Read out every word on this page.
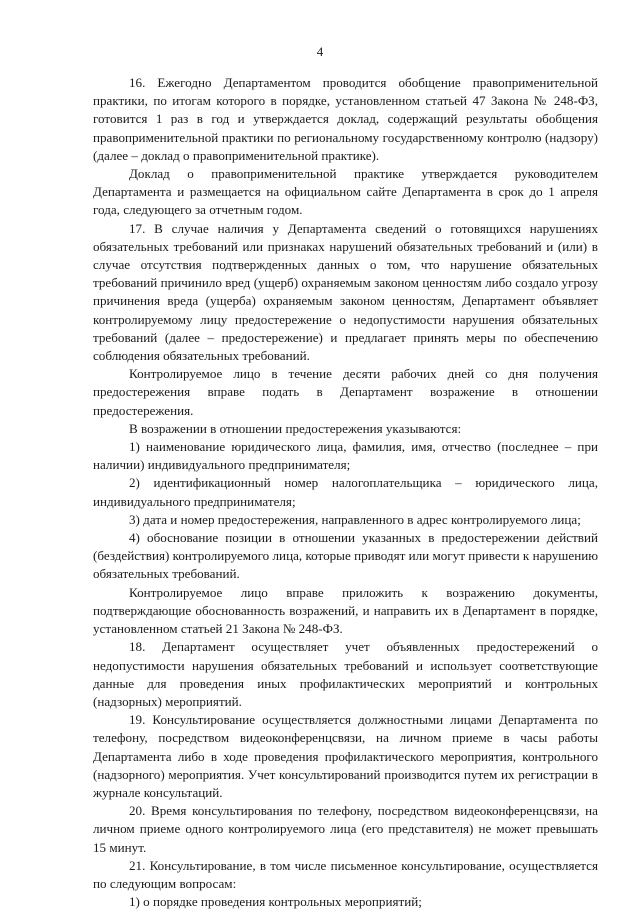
4

16. Ежегодно Департаментом проводится обобщение правоприменительной практики, по итогам которого в порядке, установленном статьей 47 Закона № 248-ФЗ, готовится 1 раз в год и утверждается доклад, содержащий результаты обобщения правоприменительной практики по региональному государственному контролю (надзору) (далее – доклад о правоприменительной практике).

Доклад о правоприменительной практике утверждается руководителем Департамента и размещается на официальном сайте Департамента в срок до 1 апреля года, следующего за отчетным годом.

17. В случае наличия у Департамента сведений о готовящихся нарушениях обязательных требований или признаках нарушений обязательных требований и (или) в случае отсутствия подтвержденных данных о том, что нарушение обязательных требований причинило вред (ущерб) охраняемым законом ценностям либо создало угрозу причинения вреда (ущерба) охраняемым законом ценностям, Департамент объявляет контролируемому лицу предостережение о недопустимости нарушения обязательных требований (далее – предостережение) и предлагает принять меры по обеспечению соблюдения обязательных требований.

Контролируемое лицо в течение десяти рабочих дней со дня получения предостережения вправе подать в Департамент возражение в отношении предостережения.

В возражении в отношении предостережения указываются:

1) наименование юридического лица, фамилия, имя, отчество (последнее – при наличии) индивидуального предпринимателя;

2) идентификационный номер налогоплательщика – юридического лица, индивидуального предпринимателя;

3) дата и номер предостережения, направленного в адрес контролируемого лица;

4) обоснование позиции в отношении указанных в предостережении действий (бездействия) контролируемого лица, которые приводят или могут привести к нарушению обязательных требований.

Контролируемое лицо вправе приложить к возражению документы, подтверждающие обоснованность возражений, и направить их в Департамент в порядке, установленном статьей 21 Закона № 248-ФЗ.

18. Департамент осуществляет учет объявленных предостережений о недопустимости нарушения обязательных требований и использует соответствующие данные для проведения иных профилактических мероприятий и контрольных (надзорных) мероприятий.

19. Консультирование осуществляется должностными лицами Департамента по телефону, посредством видеоконференцсвязи, на личном приеме в часы работы Департамента либо в ходе проведения профилактического мероприятия, контрольного (надзорного) мероприятия. Учет консультирований производится путем их регистрации в журнале консультаций.

20. Время консультирования по телефону, посредством видеоконференцсвязи, на личном приеме одного контролируемого лица (его представителя) не может превышать 15 минут.

21. Консультирование, в том числе письменное консультирование, осуществляется по следующим вопросам:

1) о порядке проведения контрольных мероприятий;
